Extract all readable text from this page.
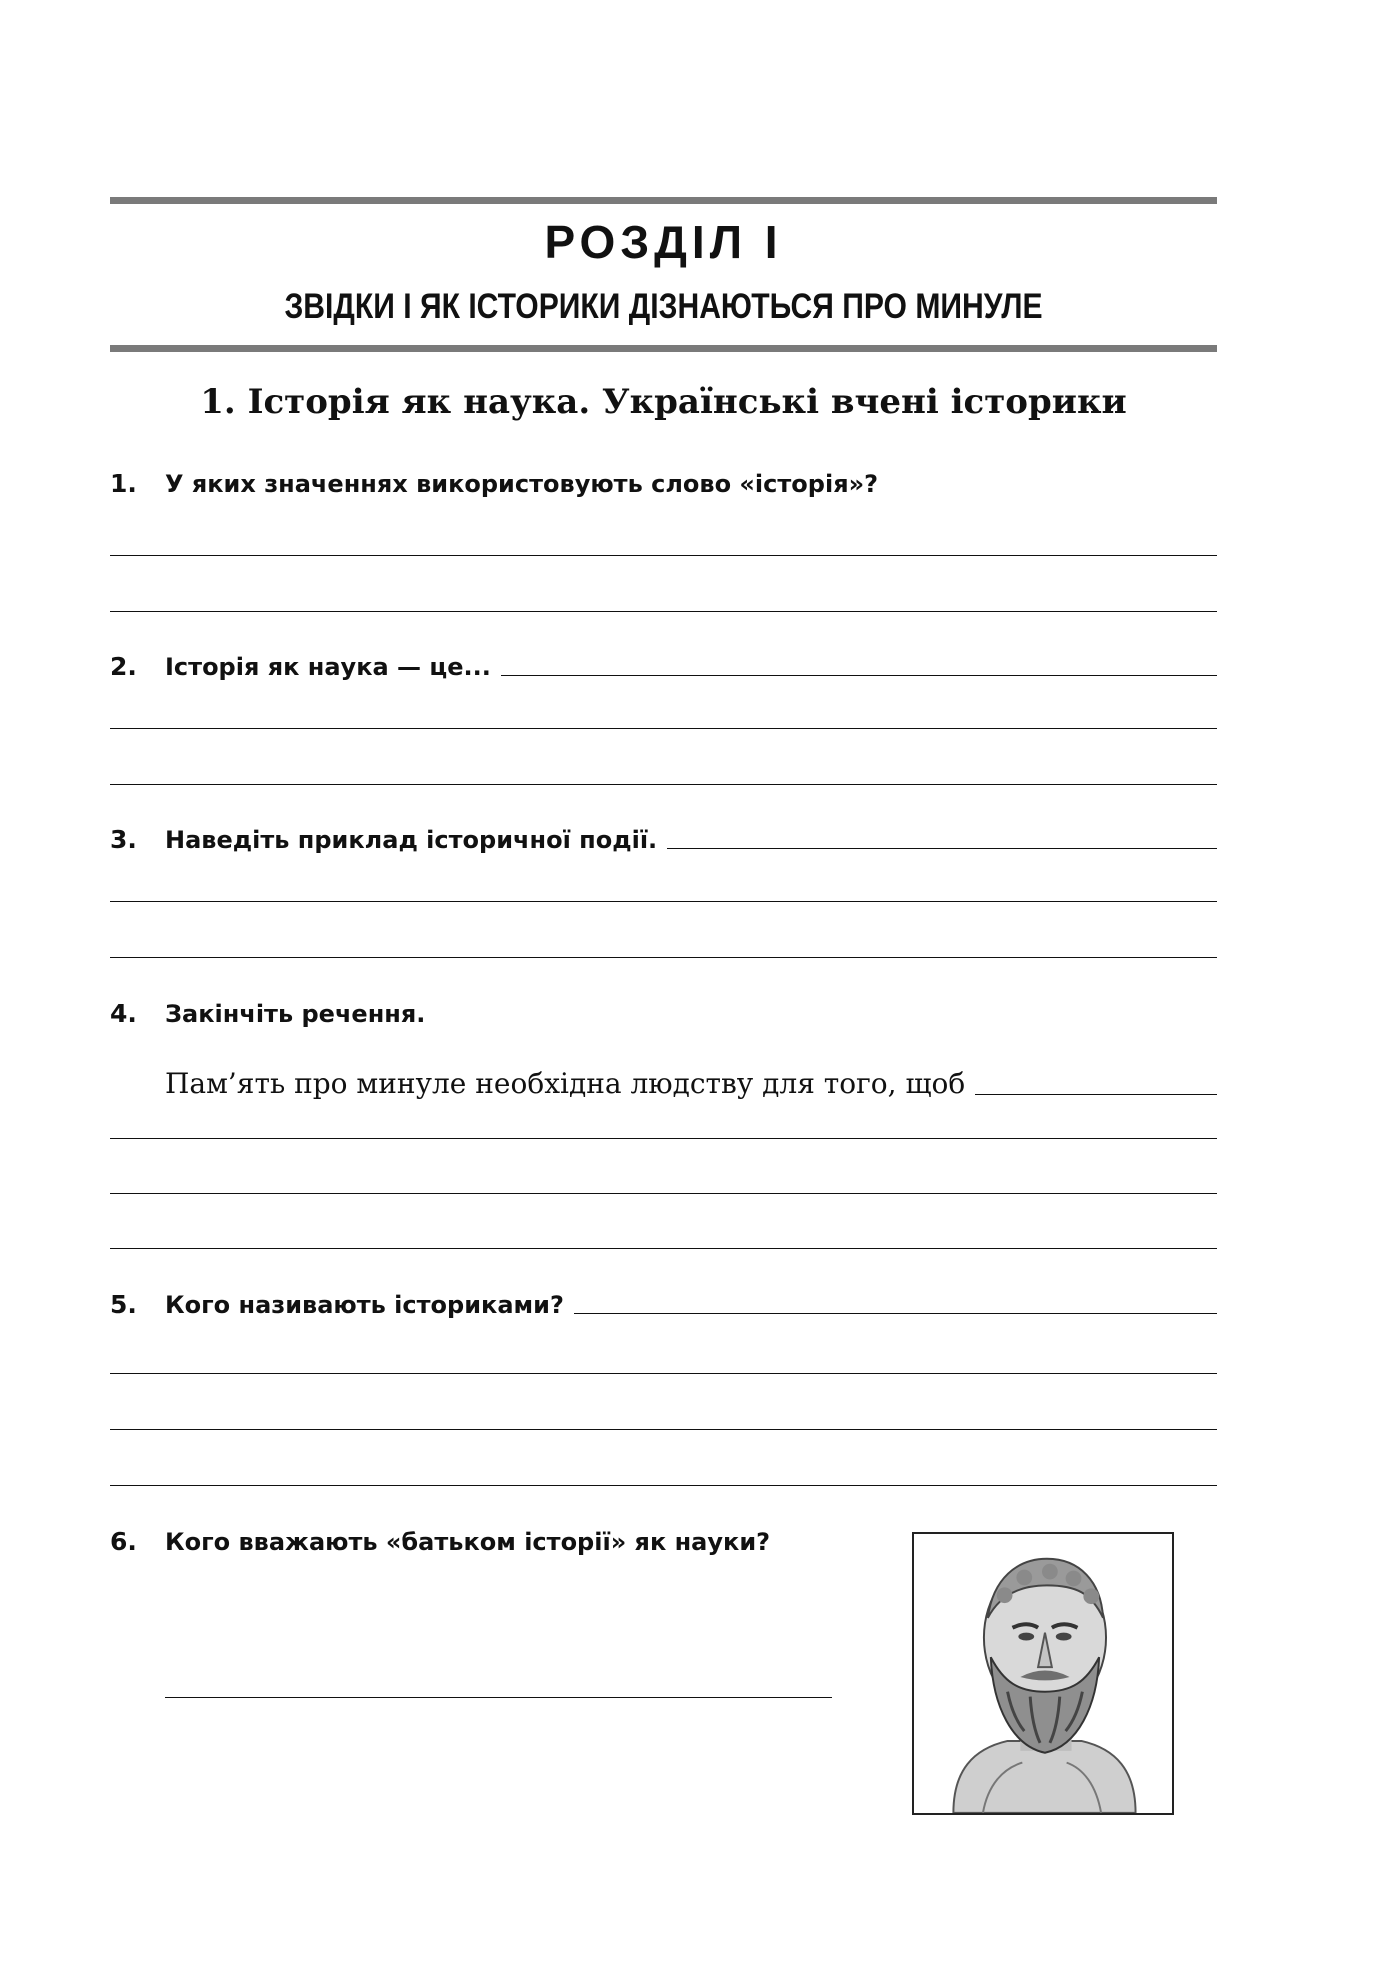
РОЗДІЛ І
ЗВІДКИ І ЯК ІСТОРИКИ ДІЗНАЮТЬСЯ ПРО МИНУЛЕ
1. Історія як наука. Українські вчені історики
1.	У яких значеннях використовують слово «історія»?
2.	Історія як наука — це...
3.	Наведіть приклад історичної події.
4.	Закінчіть речення.
Пам’ять про минуле необхідна людству для того, щоб
5.	Кого називають істориками?
6.	Кого вважають «батьком історії» як науки?
